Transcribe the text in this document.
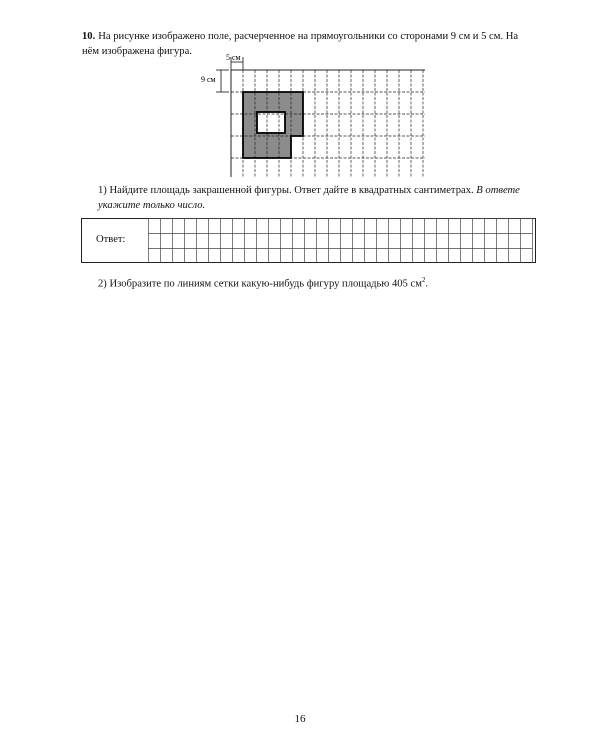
10. На рисунке изображено поле, расчерченное на прямоугольники со сторонами 9 см и 5 см. На нём изображена фигура.

5 см
9 см

1) Найдите площадь закрашенной фигуры. Ответ дайте в квадратных сантиметрах. В ответе укажите только число.

Ответ:

2) Изобразите по линиям сетки какую-нибудь фигуру площадью 405 $см^2$.

16
